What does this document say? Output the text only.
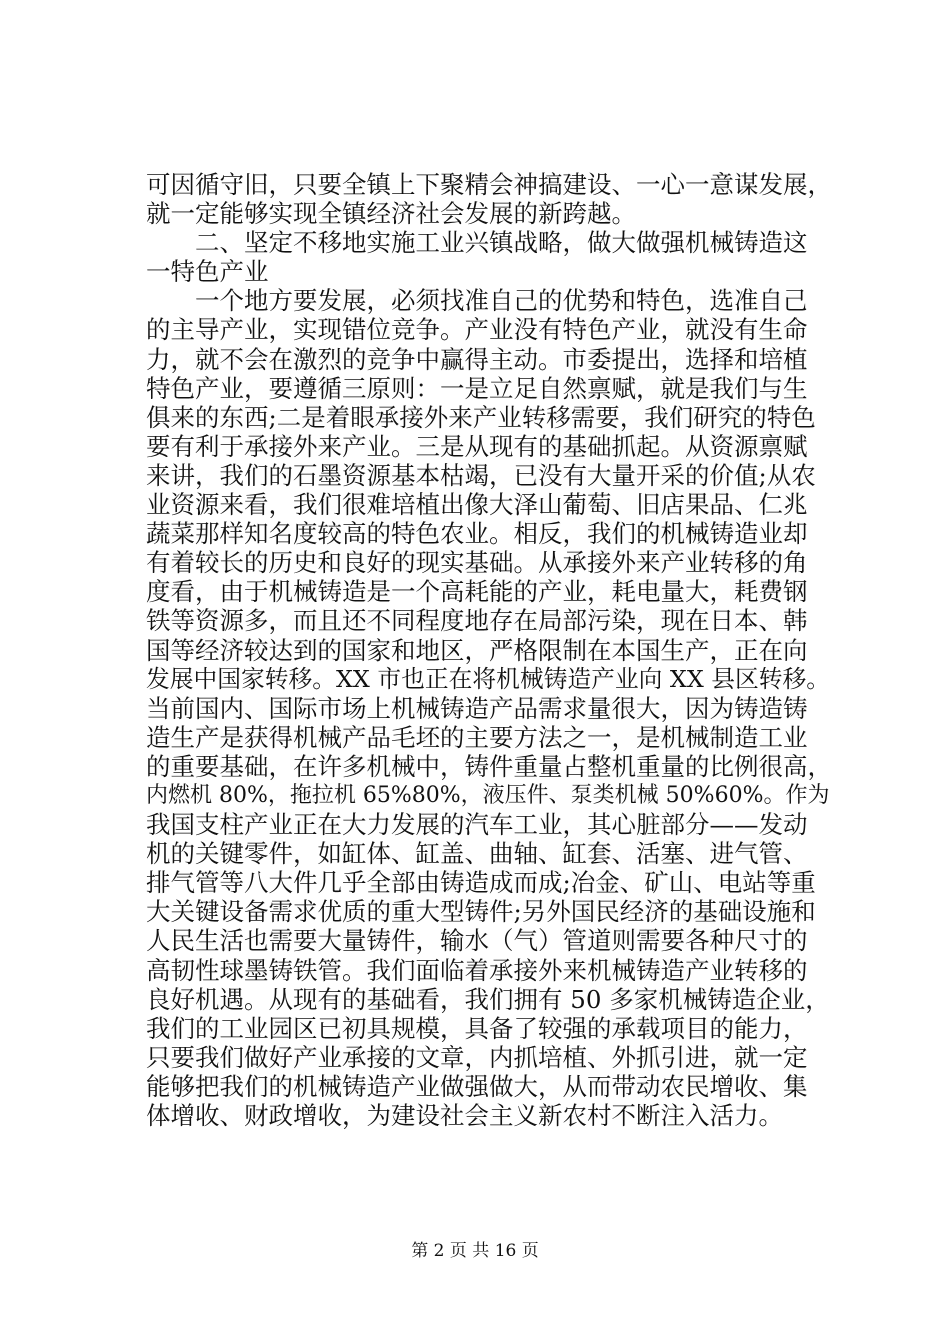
可因循守旧，只要全镇上下聚精会神搞建设、一心一意谋发展，
就一定能够实现全镇经济社会发展的新跨越。
　　二、坚定不移地实施工业兴镇战略，做大做强机械铸造这
一特色产业
　　一个地方要发展，必须找准自己的优势和特色，选准自己
的主导产业，实现错位竞争。产业没有特色产业，就没有生命
力，就不会在激烈的竞争中赢得主动。市委提出，选择和培植
特色产业，要遵循三原则：一是立足自然禀赋，就是我们与生
俱来的东西;二是着眼承接外来产业转移需要，我们研究的特色
要有利于承接外来产业。三是从现有的基础抓起。从资源禀赋
来讲，我们的石墨资源基本枯竭，已没有大量开采的价值;从农
业资源来看，我们很难培植出像大泽山葡萄、旧店果品、仁兆
蔬菜那样知名度较高的特色农业。相反，我们的机械铸造业却
有着较长的历史和良好的现实基础。从承接外来产业转移的角
度看，由于机械铸造是一个高耗能的产业，耗电量大，耗费钢
铁等资源多，而且还不同程度地存在局部污染，现在日本、韩
国等经济较达到的国家和地区，严格限制在本国生产，正在向
发展中国家转移。XX 市也正在将机械铸造产业向 XX 县区转移。
当前国内、国际市场上机械铸造产品需求量很大，因为铸造铸
造生产是获得机械产品毛坯的主要方法之一，是机械制造工业
的重要基础，在许多机械中，铸件重量占整机重量的比例很高，
内燃机 80%，拖拉机 65%80%，液压件、泵类机械 50%60%。作为
我国支柱产业正在大力发展的汽车工业，其心脏部分——发动
机的关键零件，如缸体、缸盖、曲轴、缸套、活塞、进气管、
排气管等八大件几乎全部由铸造成而成;冶金、矿山、电站等重
大关键设备需求优质的重大型铸件;另外国民经济的基础设施和
人民生活也需要大量铸件，输水（气）管道则需要各种尺寸的
高韧性球墨铸铁管。我们面临着承接外来机械铸造产业转移的
良好机遇。从现有的基础看，我们拥有 50 多家机械铸造企业，
我们的工业园区已初具规模，具备了较强的承载项目的能力，
只要我们做好产业承接的文章，内抓培植、外抓引进，就一定
能够把我们的机械铸造产业做强做大，从而带动农民增收、集
体增收、财政增收，为建设社会主义新农村不断注入活力。
第 2 页 共 16 页
